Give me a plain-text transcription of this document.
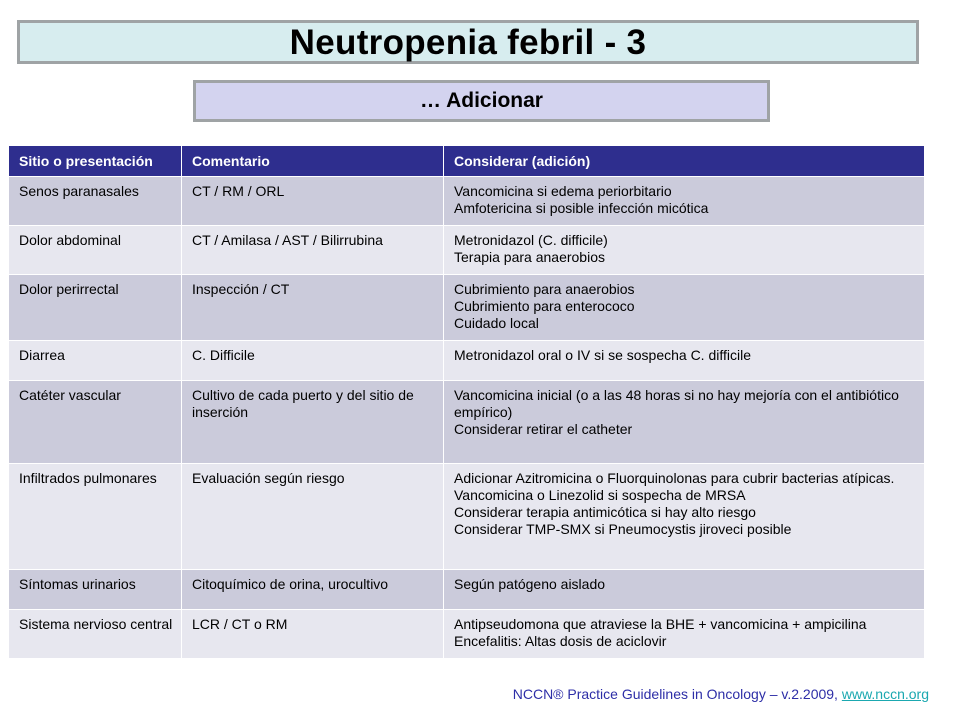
Neutropenia febril - 3
… Adicionar
Sitio o presentación	Comentario	Considerar (adición)
Senos paranasales	CT / RM / ORL	Vancomicina si edema periorbitario
Amfotericina si posible infección micótica

Dolor abdominal	CT / Amilasa / AST / Bilirrubina	Metronidazol (C. difficile)
Terapia para anaerobios

Dolor perirrectal	Inspección / CT	Cubrimiento para anaerobios
Cubrimiento para enterococo
Cuidado local

Diarrea	C. Difficile	Metronidazol oral o IV si se sospecha C. difficile

Catéter vascular	Cultivo de cada puerto y del sitio de inserción	Vancomicina inicial (o a las 48 horas si no hay mejoría con el antibiótico empírico)
Considerar retirar el catheter

Infiltrados pulmonares	Evaluación según riesgo	Adicionar Azitromicina o Fluorquinolonas para cubrir bacterias atípicas.
Vancomicina o Linezolid si sospecha de MRSA
Considerar terapia antimicótica si hay alto riesgo
Considerar TMP-SMX si Pneumocystis jiroveci posible

Síntomas urinarios	Citoquímico de orina, urocultivo	Según patógeno aislado

Sistema nervioso central	LCR / CT o RM	Antipseudomona que atraviese la BHE + vancomicina + ampicilina
Encefalitis: Altas dosis de aciclovir
NCCN® Practice Guidelines in Oncology – v.2.2009, www.nccn.org
